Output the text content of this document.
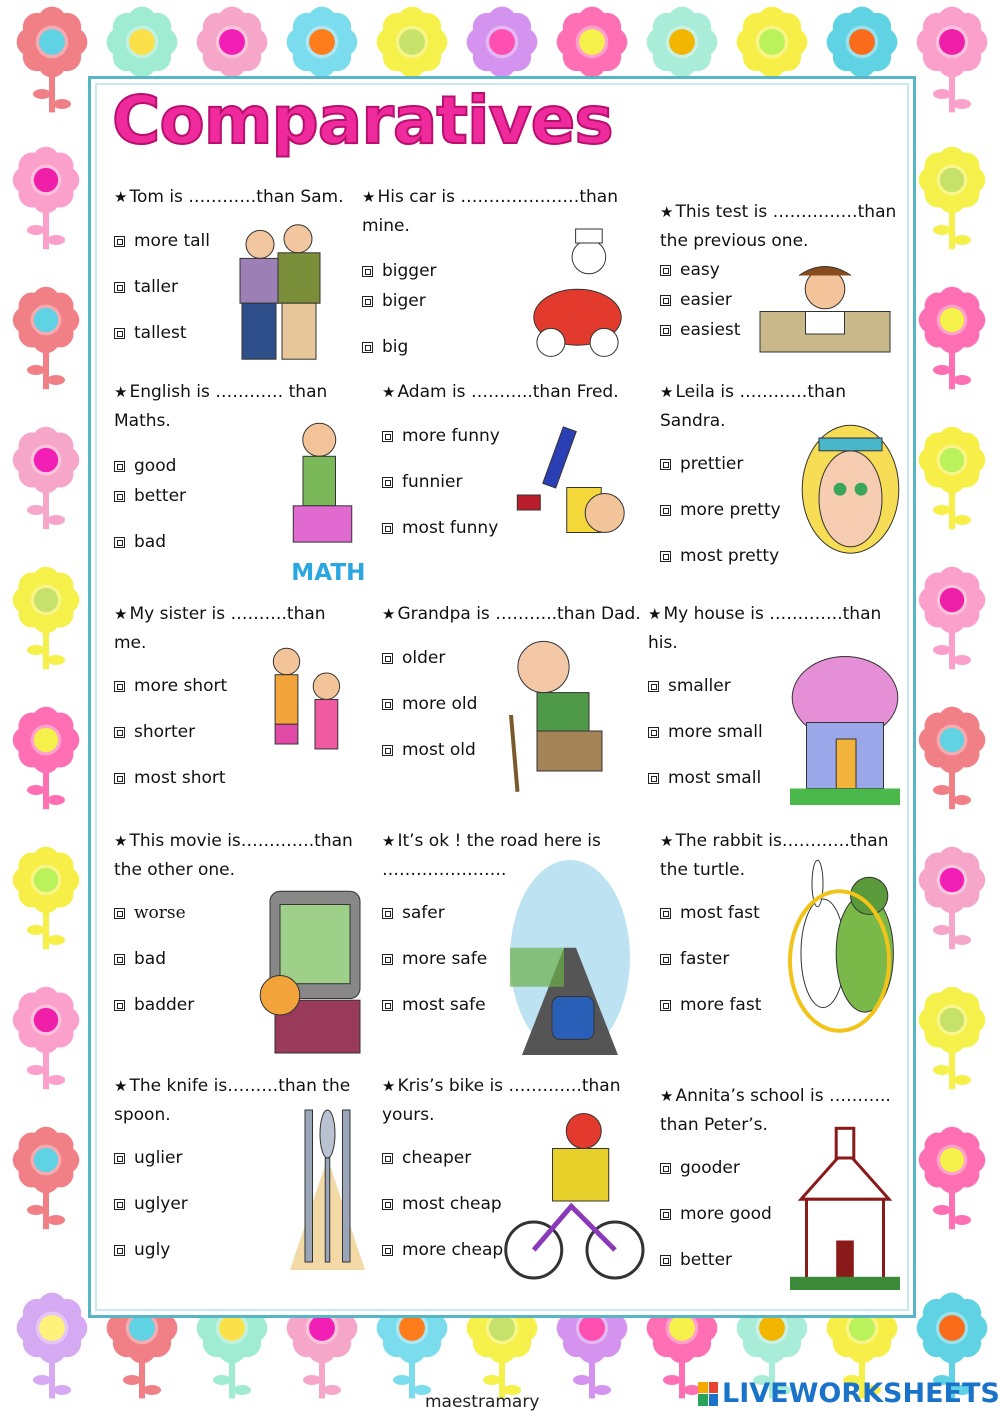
Comparatives
★ Tom is …………than Sam.
more tall
taller
tallest
★ His car is …………………than
mine.
bigger
biger
big
★ This test is ……………than
the previous one.
easy
easier
easiest
★ English is ………… than
Maths.
good
better
bad
★ Adam is ………..than Fred.
more funny
funnier
most funny
★ Leila is …………than
Sandra.
prettier
more pretty
most pretty
★ My sister is ……….than
me.
more short
shorter
most short
★ Grandpa is ………..than Dad.
older
more old
most old
★ My house is ………….than
his.
smaller
more small
most small
★ This movie is………….than
the other one.
worse
bad
badder
★ It’s ok ! the road here is
………………….
safer
more safe
most safe
★ The rabbit is…………than
the turtle.
most fast
faster
more fast
★ The knife is………than the
spoon.
uglier
uglyer
ugly
★ Kris’s bike is ………….than
yours.
cheaper
most cheap
more cheap
★ Annita’s school is ………..
than Peter’s.
gooder
more good
better
maestramary	LIVEWORKSHEETS
MATH
